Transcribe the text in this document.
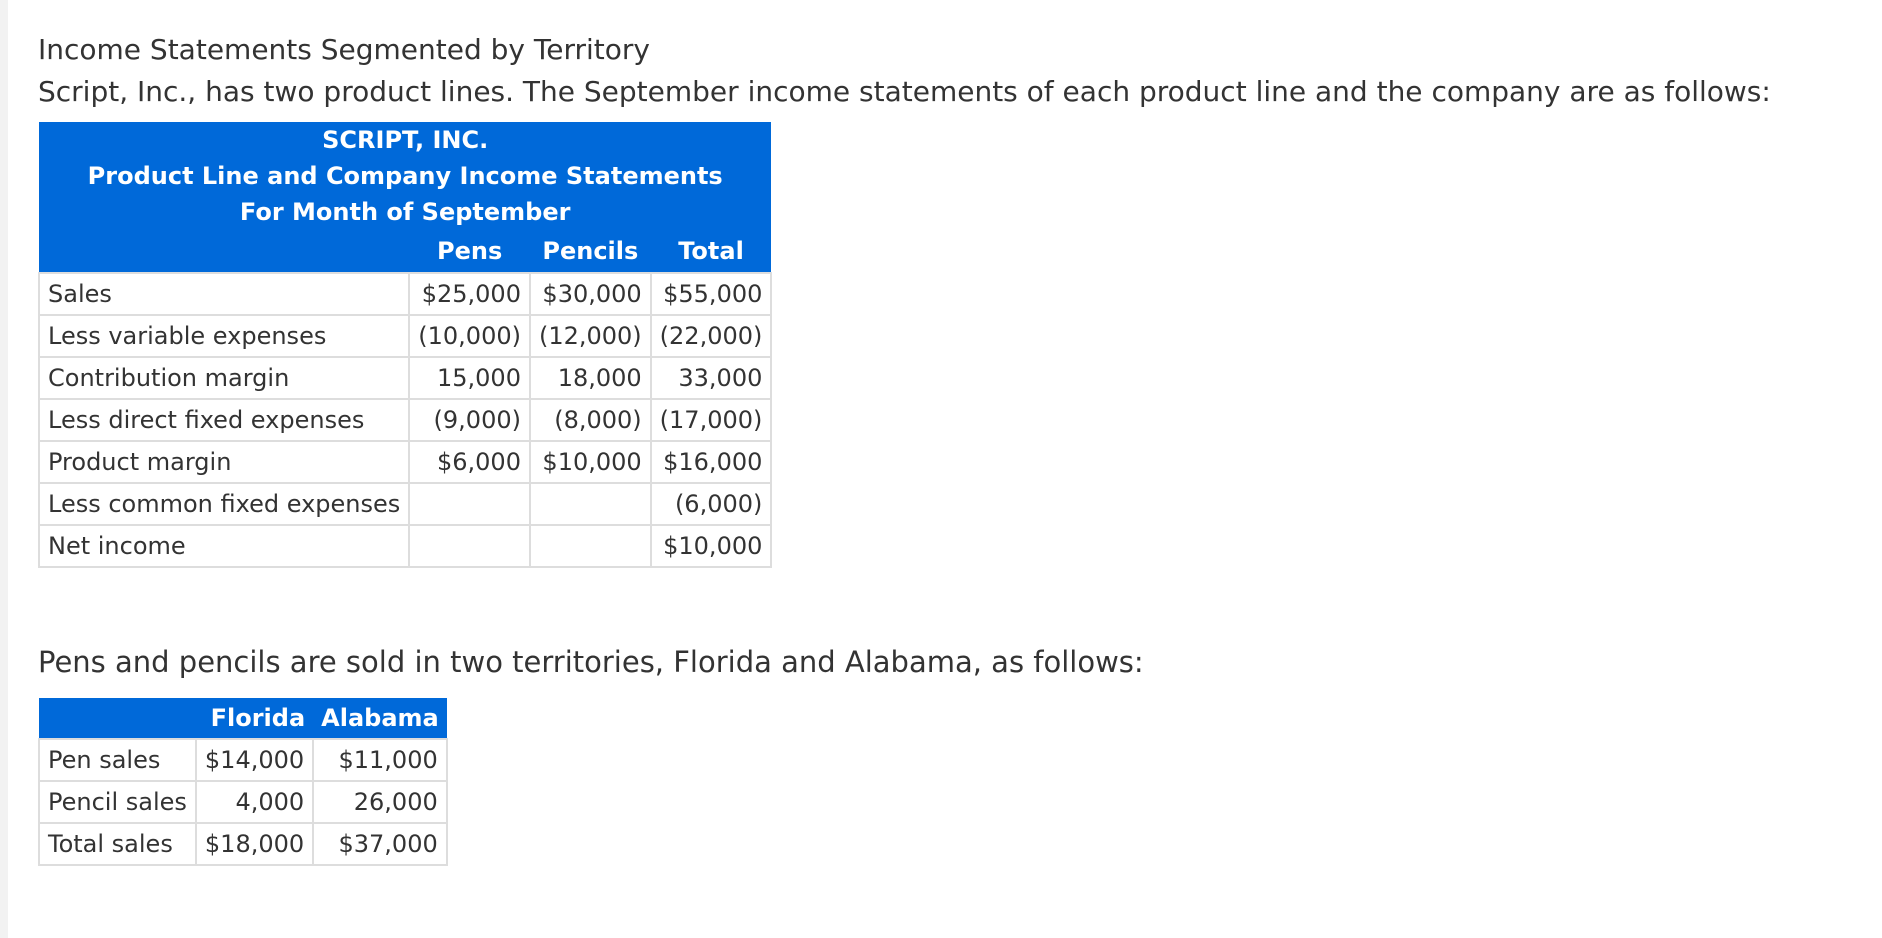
Income Statements Segmented by Territory

Script, Inc., has two product lines. The September income statements of each product line and the company are as follows:

SCRIPT, INC.			
Product Line and Company Income Statements			
For Month of September			
	Pens	Pencils	Total
Sales	$25,000	$30,000	$55,000
Less variable expenses	(10,000)	(12,000)	(22,000)
Contribution margin	15,000	18,000	33,000
Less direct fixed expenses	(9,000)	(8,000)	(17,000)
Product margin	$6,000	$10,000	$16,000
Less common fixed expenses			(6,000)
Net income			$10,000

Pens and pencils are sold in two territories, Florida and Alabama, as follows:

	Florida	Alabama
Pen sales	$14,000	$11,000
Pencil sales	4,000	26,000
Total sales	$18,000	$37,000
